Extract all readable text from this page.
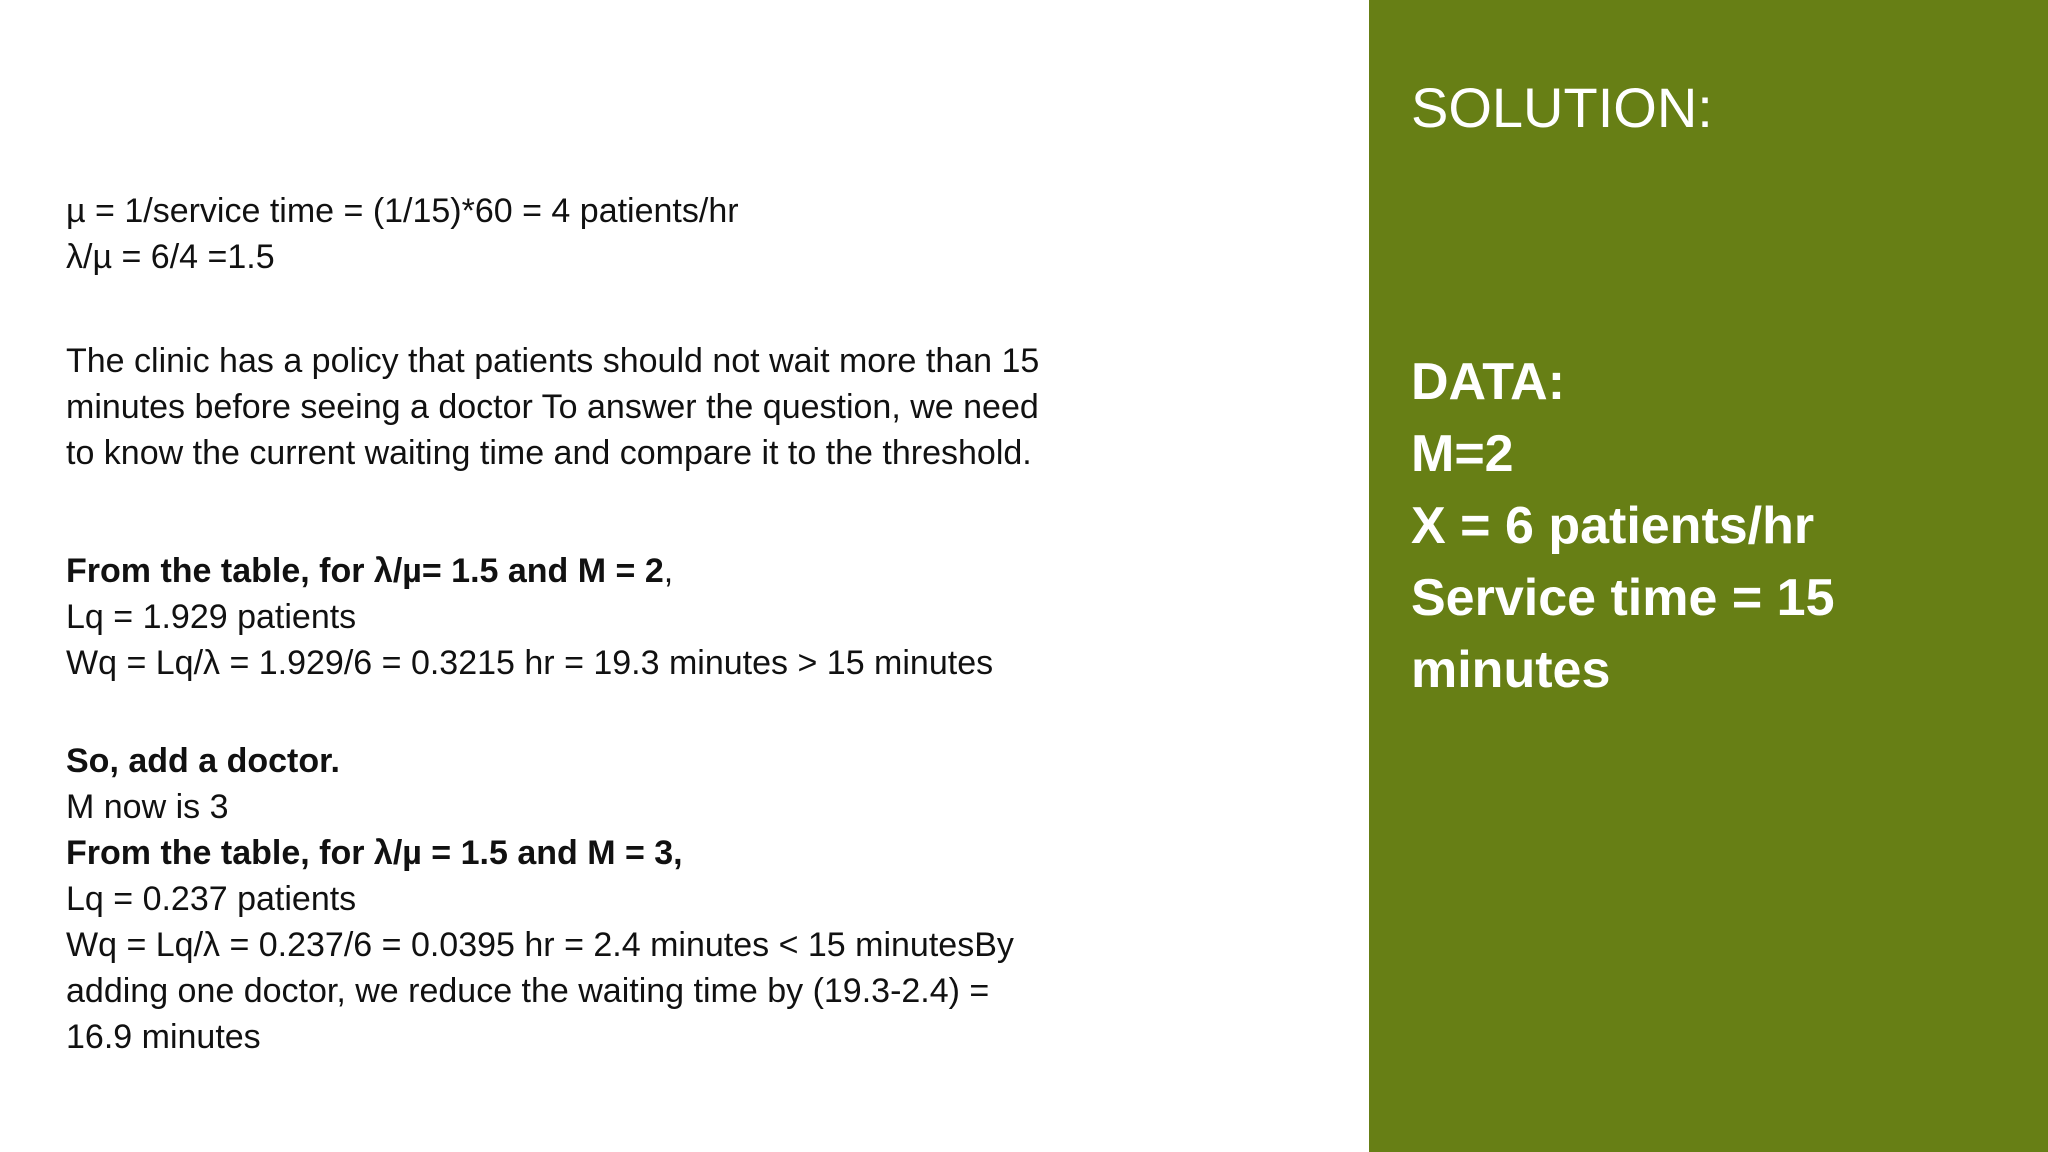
µ = 1/service time = (1/15)*60 = 4 patients/hr

λ/µ = 6/4 =1.5

The clinic has a policy that patients should not wait more than 15 minutes before seeing a doctor To answer the question, we need to know the current waiting time and compare it to the threshold.

From the table, for λ/µ= 1.5 and M = 2,

Lq = 1.929 patients

Wq = Lq/λ = 1.929/6 = 0.3215 hr = 19.3 minutes > 15 minutes

So, add a doctor.

M now is 3

From the table, for λ/µ = 1.5 and M = 3,

Lq = 0.237 patients

Wq = Lq/λ = 0.237/6 = 0.0395 hr = 2.4 minutes < 15 minutesBy adding one doctor, we reduce the waiting time by (19.3-2.4) = 16.9 minutes

SOLUTION:
DATA:
M=2
X = 6 patients/hr
Service time = 15 minutes
